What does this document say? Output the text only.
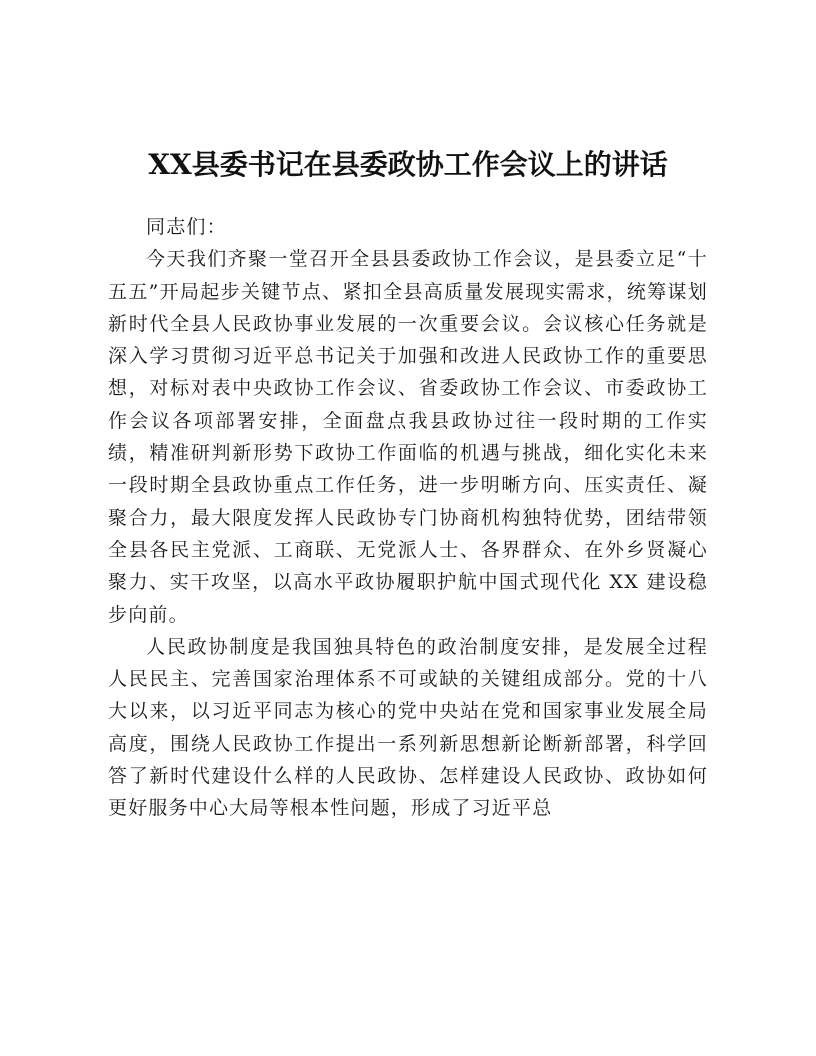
XX县委书记在县委政协工作会议上的讲话

同志们：

今天我们齐聚一堂召开全县县委政协工作会议，是县委立足“十五五”开局起步关键节点、紧扣全县高质量发展现实需求，统筹谋划新时代全县人民政协事业发展的一次重要会议。会议核心任务就是深入学习贯彻习近平总书记关于加强和改进人民政协工作的重要思想，对标对表中央政协工作会议、省委政协工作会议、市委政协工作会议各项部署安排，全面盘点我县政协过往一段时期的工作实绩，精准研判新形势下政协工作面临的机遇与挑战，细化实化未来一段时期全县政协重点工作任务，进一步明晰方向、压实责任、凝聚合力，最大限度发挥人民政协专门协商机构独特优势，团结带领全县各民主党派、工商联、无党派人士、各界群众、在外乡贤凝心聚力、实干攻坚，以高水平政协履职护航中国式现代化 XX 建设稳步向前。

人民政协制度是我国独具特色的政治制度安排，是发展全过程人民民主、完善国家治理体系不可或缺的关键组成部分。党的十八大以来，以习近平同志为核心的党中央站在党和国家事业发展全局高度，围绕人民政协工作提出一系列新思想新论断新部署，科学回答了新时代建设什么样的人民政协、怎样建设人民政协、政协如何更好服务中心大局等根本性问题，形成了习近平总
